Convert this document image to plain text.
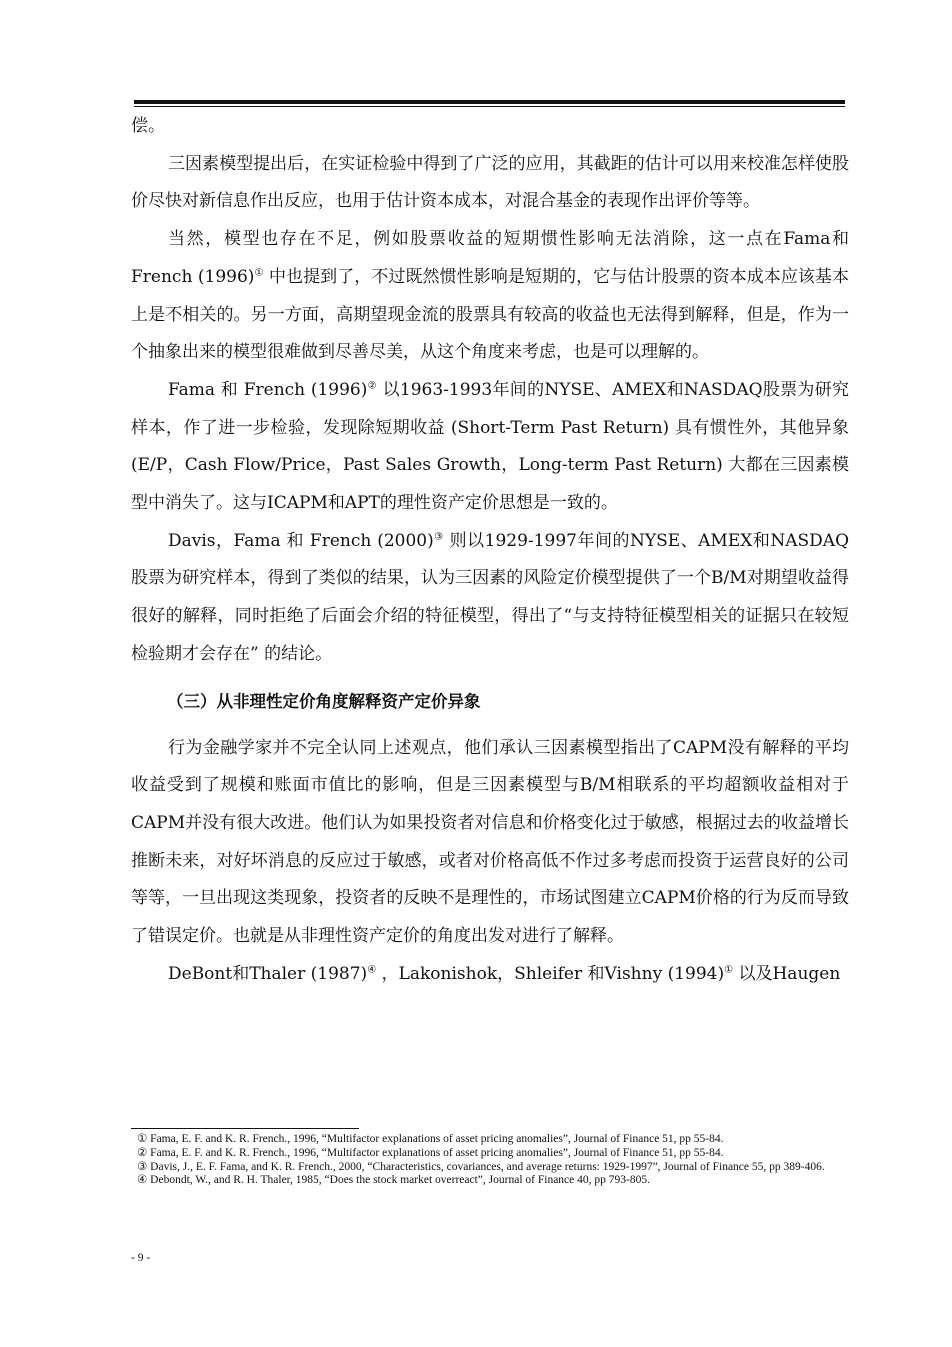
偿。

三因素模型提出后，在实证检验中得到了广泛的应用，其截距的估计可以用来校准怎样使股价尽快对新信息作出反应，也用于估计资本成本，对混合基金的表现作出评价等等。

当然，模型也存在不足，例如股票收益的短期惯性影响无法消除，这一点在Fama和 French (1996)① 中也提到了，不过既然惯性影响是短期的，它与估计股票的资本成本应该基本上是不相关的。另一方面，高期望现金流的股票具有较高的收益也无法得到解释，但是，作为一个抽象出来的模型很难做到尽善尽美，从这个角度来考虑，也是可以理解的。

Fama 和 French (1996)② 以1963-1993年间的NYSE、AMEX和NASDAQ股票为研究样本，作了进一步检验，发现除短期收益 (Short-Term Past Return) 具有惯性外，其他异象 (E/P，Cash Flow/Price，Past Sales Growth，Long-term Past Return) 大都在三因素模型中消失了。这与ICAPM和APT的理性资产定价思想是一致的。

Davis，Fama 和 French (2000)③ 则以1929-1997年间的NYSE、AMEX和NASDAQ股票为研究样本，得到了类似的结果，认为三因素的风险定价模型提供了一个B/M对期望收益得很好的解释，同时拒绝了后面会介绍的特征模型，得出了“与支持特征模型相关的证据只在较短检验期才会存在” 的结论。

（三）从非理性定价角度解释资产定价异象

行为金融学家并不完全认同上述观点，他们承认三因素模型指出了CAPM没有解释的平均收益受到了规模和账面市值比的影响，但是三因素模型与B/M相联系的平均超额收益相对于CAPM并没有很大改进。他们认为如果投资者对信息和价格变化过于敏感，根据过去的收益增长推断未来，对好坏消息的反应过于敏感，或者对价格高低不作过多考虑而投资于运营良好的公司等等，一旦出现这类现象，投资者的反映不是理性的，市场试图建立CAPM价格的行为反而导致了错误定价。也就是从非理性资产定价的角度出发对进行了解释。

DeBont和Thaler (1987)④ ，Lakonishok，Shleifer 和Vishny (1994)① 以及Haugen

① Fama, E. F. and K. R. French., 1996, “Multifactor explanations of asset pricing anomalies”, Journal of Finance 51, pp 55-84.

② Fama, E. F. and K. R. French., 1996, “Multifactor explanations of asset pricing anomalies”, Journal of Finance 51, pp 55-84.

③ Davis, J., E. F. Fama, and K. R. French., 2000, “Characteristics, covariances, and average returns: 1929-1997”, Journal of Finance 55, pp 389-406.

④ Debondt, W., and R. H. Thaler, 1985, “Does the stock market overreact”, Journal of Finance 40, pp 793-805.

- 9 -
